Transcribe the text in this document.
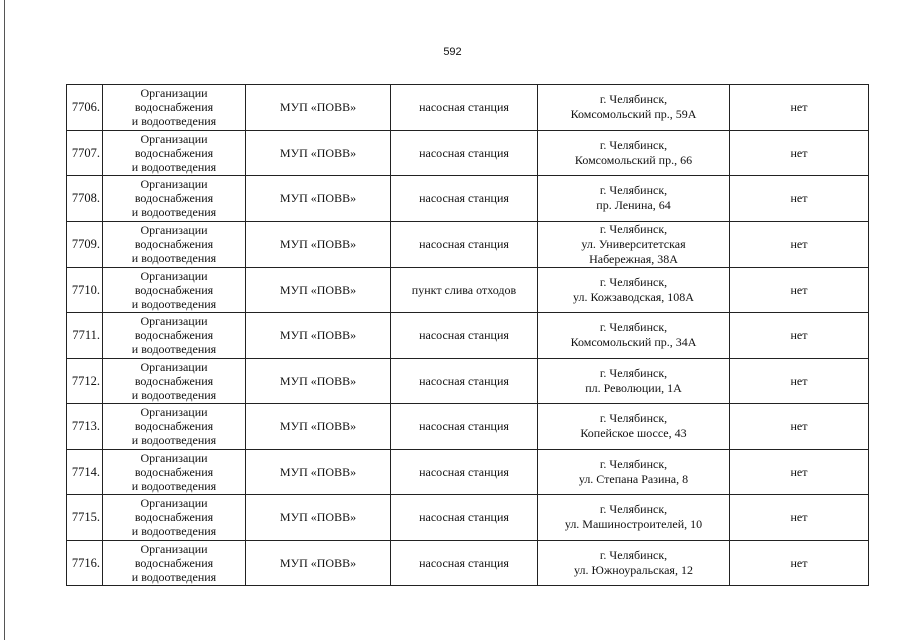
592
7706.	Организации
водоснабжения
и водоотведения	МУП «ПОВВ»	насосная станция	г. Челябинск,
Комсомольский пр., 59А	нет
7707.	Организации
водоснабжения
и водоотведения	МУП «ПОВВ»	насосная станция	г. Челябинск,
Комсомольский пр., 66	нет
7708.	Организации
водоснабжения
и водоотведения	МУП «ПОВВ»	насосная станция	г. Челябинск,
пр. Ленина, 64	нет
7709.	Организации
водоснабжения
и водоотведения	МУП «ПОВВ»	насосная станция	г. Челябинск,
ул. Университетская
Набережная, 38А	нет
7710.	Организации
водоснабжения
и водоотведения	МУП «ПОВВ»	пункт слива отходов	г. Челябинск,
ул. Кожзаводская, 108А	нет
7711.	Организации
водоснабжения
и водоотведения	МУП «ПОВВ»	насосная станция	г. Челябинск,
Комсомольский пр., 34А	нет
7712.	Организации
водоснабжения
и водоотведения	МУП «ПОВВ»	насосная станция	г. Челябинск,
пл. Революции, 1А	нет
7713.	Организации
водоснабжения
и водоотведения	МУП «ПОВВ»	насосная станция	г. Челябинск,
Копейское шоссе, 43	нет
7714.	Организации
водоснабжения
и водоотведения	МУП «ПОВВ»	насосная станция	г. Челябинск,
ул. Степана Разина, 8	нет
7715.	Организации
водоснабжения
и водоотведения	МУП «ПОВВ»	насосная станция	г. Челябинск,
ул. Машиностроителей, 10	нет
7716.	Организации
водоснабжения
и водоотведения	МУП «ПОВВ»	насосная станция	г. Челябинск,
ул. Южноуральская, 12	нет
